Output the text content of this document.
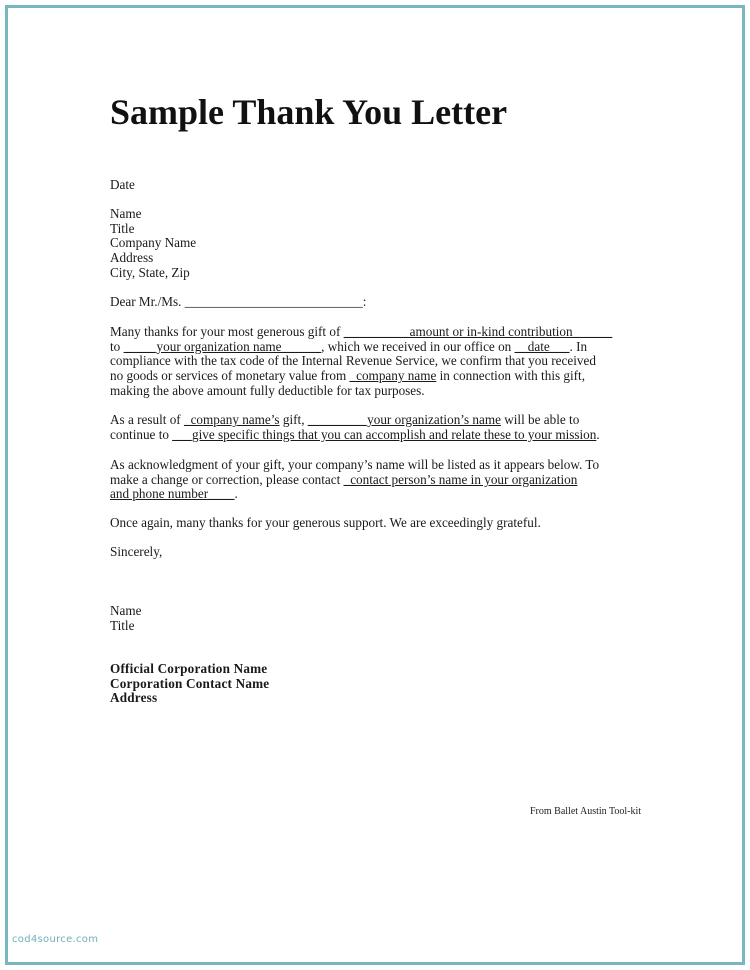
Sample Thank You Letter
Date
Name
Title
Company Name
Address
City, State, Zip
Dear Mr./Ms. ___________________________:
Many thanks for your most generous gift of __________amount or in-kind contribution______
to _____your organization name______, which we received in our office on __date___. In
compliance with the tax code of the Internal Revenue Service, we confirm that you received
no goods or services of monetary value from _company name in connection with this gift,
making the above amount fully deductible for tax purposes.
As a result of _company name’s gift, _________your organization’s name will be able to
continue to ___give specific things that you can accomplish and relate these to your mission.
As acknowledgment of your gift, your company’s name will be listed as it appears below. To
make a change or correction, please contact _contact person’s name in your organization
and phone number____.
Once again, many thanks for your generous support. We are exceedingly grateful.
Sincerely,
Name
Title
Official Corporation Name
Corporation Contact Name
Address
From Ballet Austin Tool-kit
cod4source.com
